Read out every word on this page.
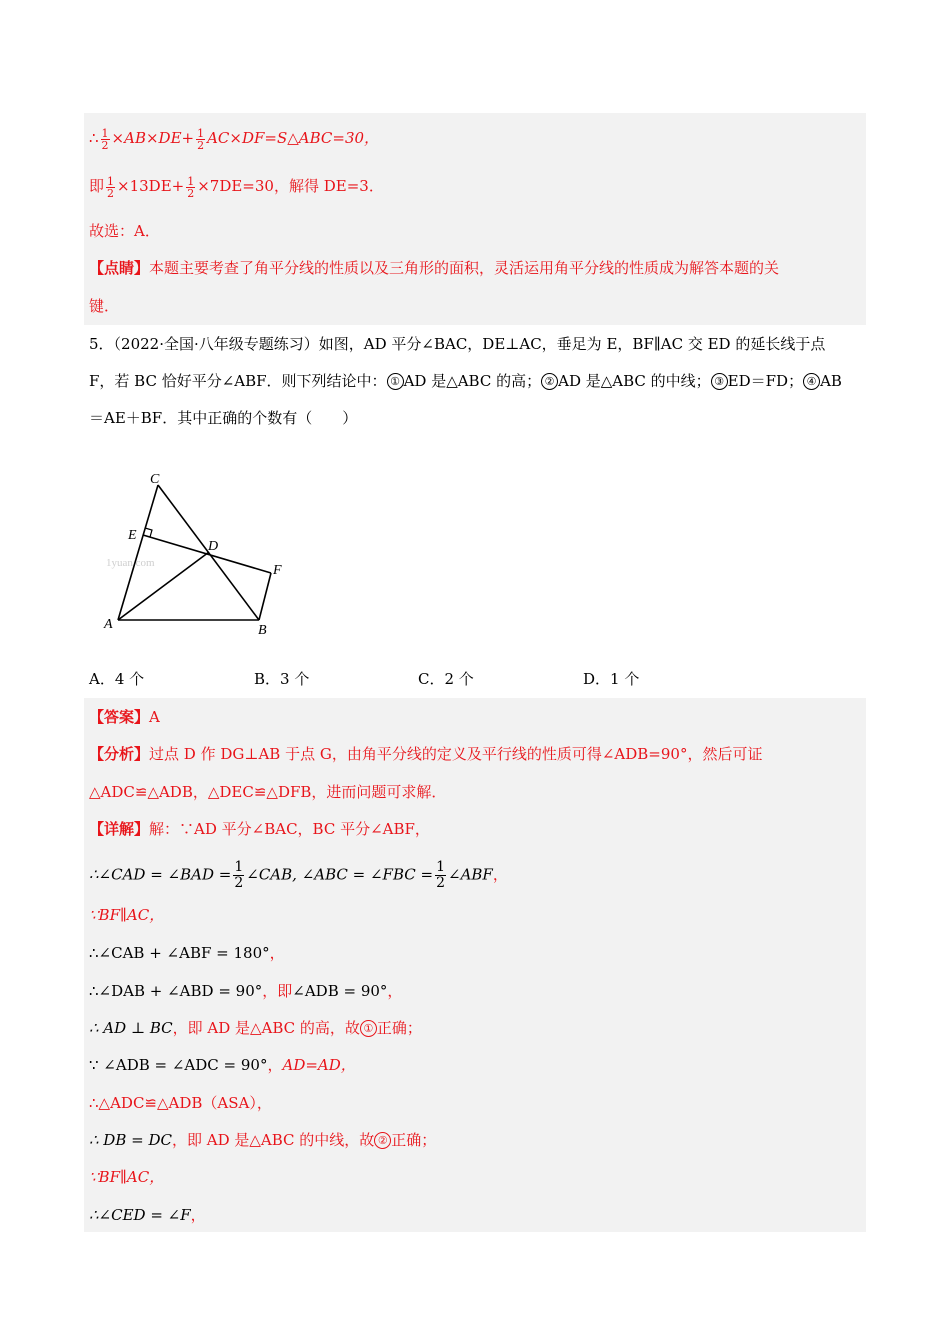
∴ $\frac{1}{2} \times AB\times DE+ \frac{1}{2}$ AC×DF=S△ABC=30，
即 $\frac{1}{2} \times 13DE+ \frac{1}{2} \times 7DE=30$，解得 DE=3．
故选：A．
【点睛】本题主要考查了角平分线的性质以及三角形的面积，灵活运用角平分线的性质成为解答本题的关
键．
5．（2022·全国·八年级专题练习）如图，AD 平分∠BAC，DE⊥AC，垂足为 E，BF∥AC 交 ED 的延长线于点
F，若 BC 恰好平分∠ABF．则下列结论中： ① AD 是△ABC 的高； ② AD 是△ABC 的中线； ③ ED＝FD； ④ AB
＝AE＋BF．其中正确的个数有（　　）
1yuan.com
A	B
C
D
E
F
A．4 个	B．3 个	C．2 个	D．1 个
【答案】A
【分析】过点 D 作 DG⊥AB 于点 G，由角平分线的定义及平行线的性质可得∠ADB=90°，然后可证
△ADC≌△ADB，△DEC≌△DFB，进而问题可求解．
【详解】解：∵AD 平分∠BAC，BC 平分∠ABF，
∴∠CAD = ∠BAD = $\frac{1}{2}$ ∠CAB, ∠ABC = ∠FBC = $\frac{1}{2}$ ∠ABF，
∵BF∥AC，
∴∠CAB + ∠ABF = 180°，
∴∠DAB + ∠ABD = 90°，即∠ADB = 90°，
∴ AD ⊥ BC，即 AD 是△ABC 的高，故 ① 正确；
∵ ∠ADB = ∠ADC = 90°，AD=AD，
∴△ADC≌△ADB（ASA），
∴ DB = DC，即 AD 是△ABC 的中线，故 ② 正确；
∵BF∥AC，
∴∠CED = ∠F，
